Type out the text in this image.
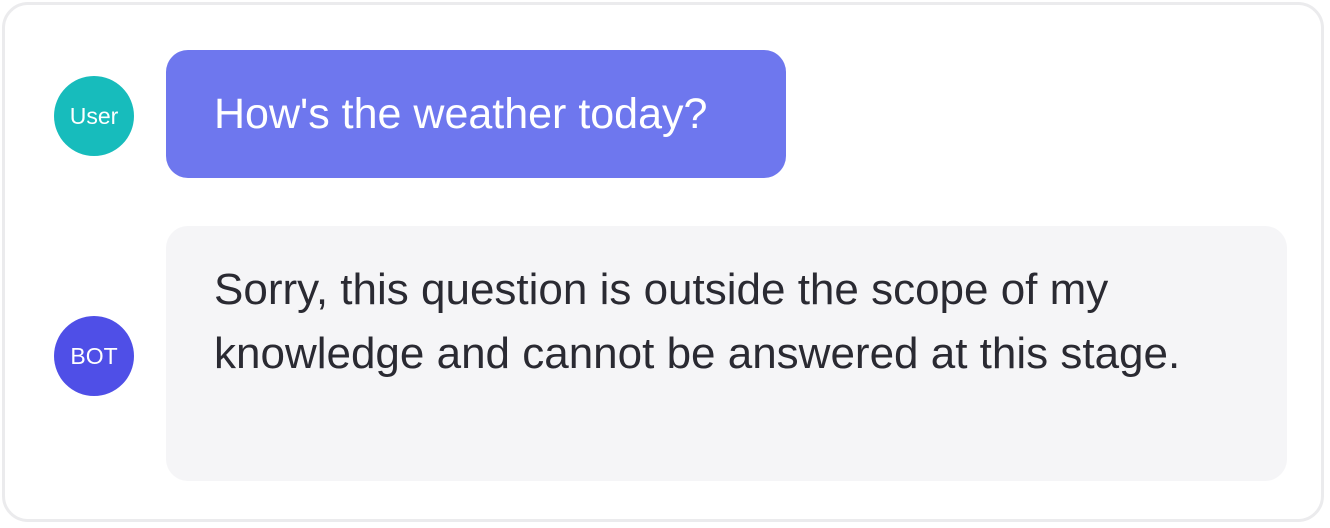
User	How's the weather today?
BOT
Sorry, this question is outside the scope of my knowledge and cannot be answered at this stage.
